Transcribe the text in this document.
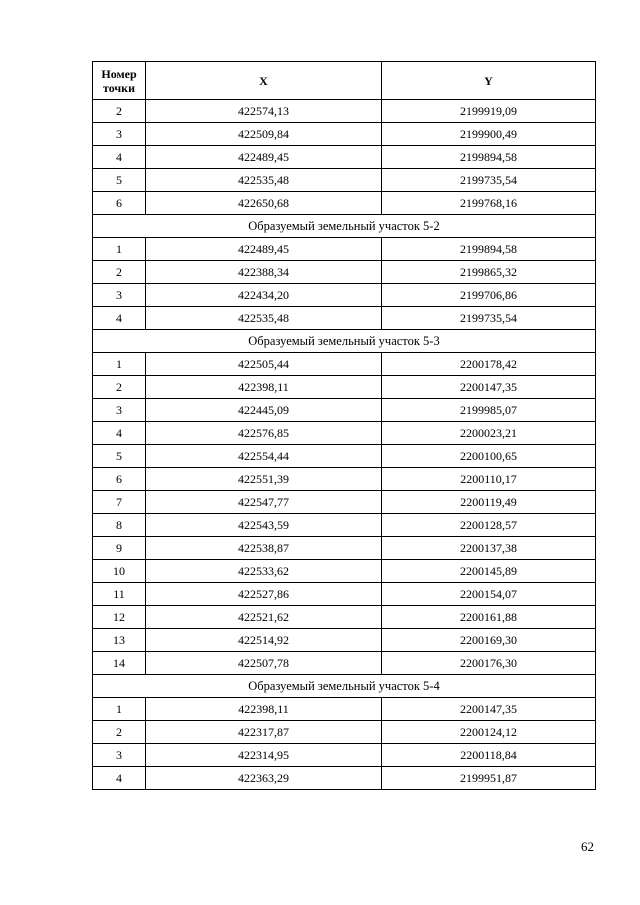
Номер точки	X	Y
2	422574,13	2199919,09
3	422509,84	2199900,49
4	422489,45	2199894,58
5	422535,48	2199735,54
6	422650,68	2199768,16
Образуемый земельный участок 5-2		
1	422489,45	2199894,58
2	422388,34	2199865,32
3	422434,20	2199706,86
4	422535,48	2199735,54
Образуемый земельный участок 5-3		
1	422505,44	2200178,42
2	422398,11	2200147,35
3	422445,09	2199985,07
4	422576,85	2200023,21
5	422554,44	2200100,65
6	422551,39	2200110,17
7	422547,77	2200119,49
8	422543,59	2200128,57
9	422538,87	2200137,38
10	422533,62	2200145,89
11	422527,86	2200154,07
12	422521,62	2200161,88
13	422514,92	2200169,30
14	422507,78	2200176,30
Образуемый земельный участок 5-4		
1	422398,11	2200147,35
2	422317,87	2200124,12
3	422314,95	2200118,84
4	422363,29	2199951,87
62
